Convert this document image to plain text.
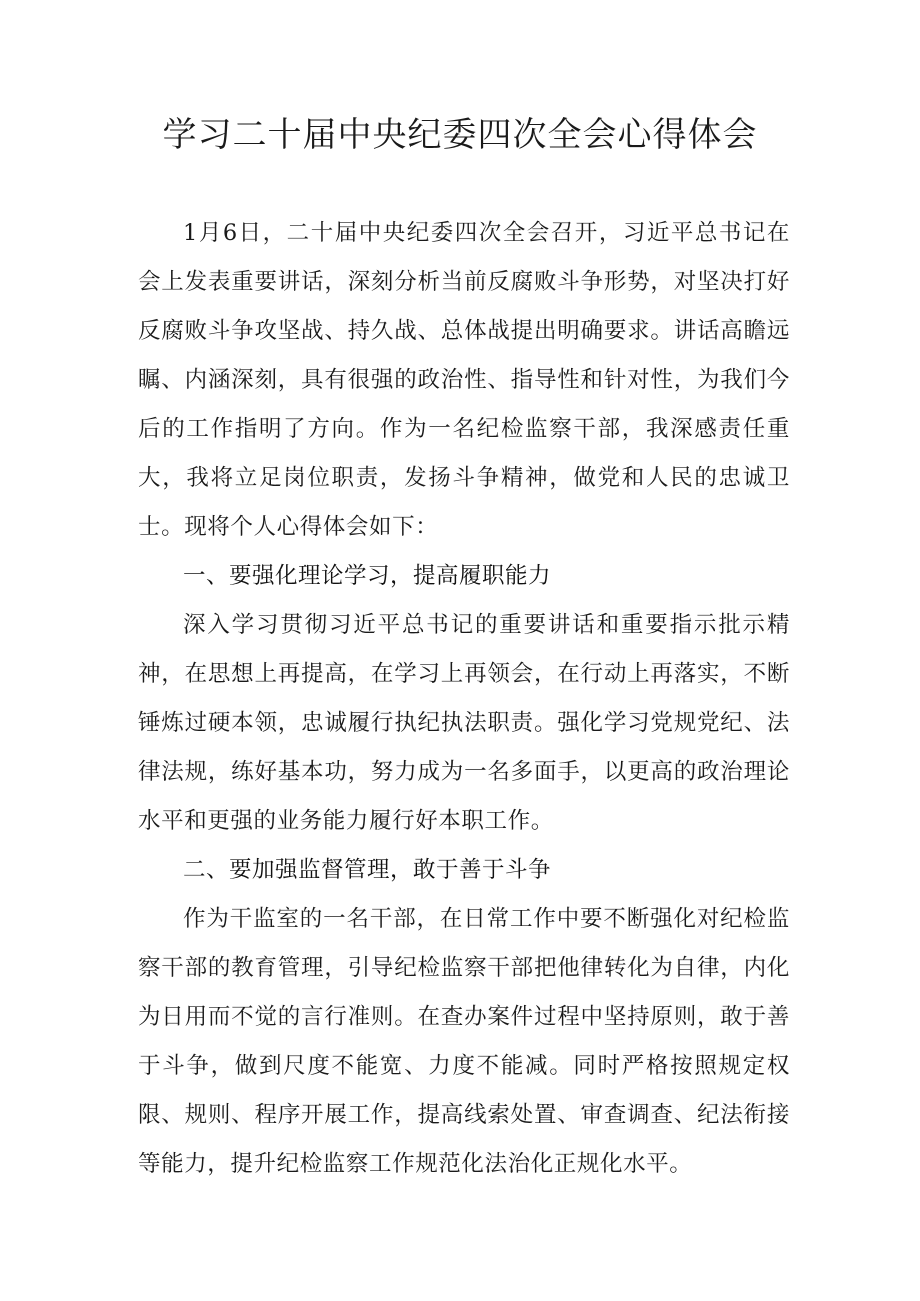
学习二十届中央纪委四次全会心得体会

1月6日，二十届中央纪委四次全会召开，习近平总书记在会上发表重要讲话，深刻分析当前反腐败斗争形势，对坚决打好反腐败斗争攻坚战、持久战、总体战提出明确要求。讲话高瞻远瞩、内涵深刻，具有很强的政治性、指导性和针对性，为我们今后的工作指明了方向。作为一名纪检监察干部，我深感责任重大，我将立足岗位职责，发扬斗争精神，做党和人民的忠诚卫士。现将个人心得体会如下：

一、要强化理论学习，提高履职能力

深入学习贯彻习近平总书记的重要讲话和重要指示批示精神，在思想上再提高，在学习上再领会，在行动上再落实，不断锤炼过硬本领，忠诚履行执纪执法职责。强化学习党规党纪、法律法规，练好基本功，努力成为一名多面手，以更高的政治理论水平和更强的业务能力履行好本职工作。

二、要加强监督管理，敢于善于斗争

作为干监室的一名干部，在日常工作中要不断强化对纪检监察干部的教育管理，引导纪检监察干部把他律转化为自律，内化为日用而不觉的言行准则。在查办案件过程中坚持原则，敢于善于斗争，做到尺度不能宽、力度不能减。同时严格按照规定权限、规则、程序开展工作，提高线索处置、审查调查、纪法衔接等能力，提升纪检监察工作规范化法治化正规化水平。
